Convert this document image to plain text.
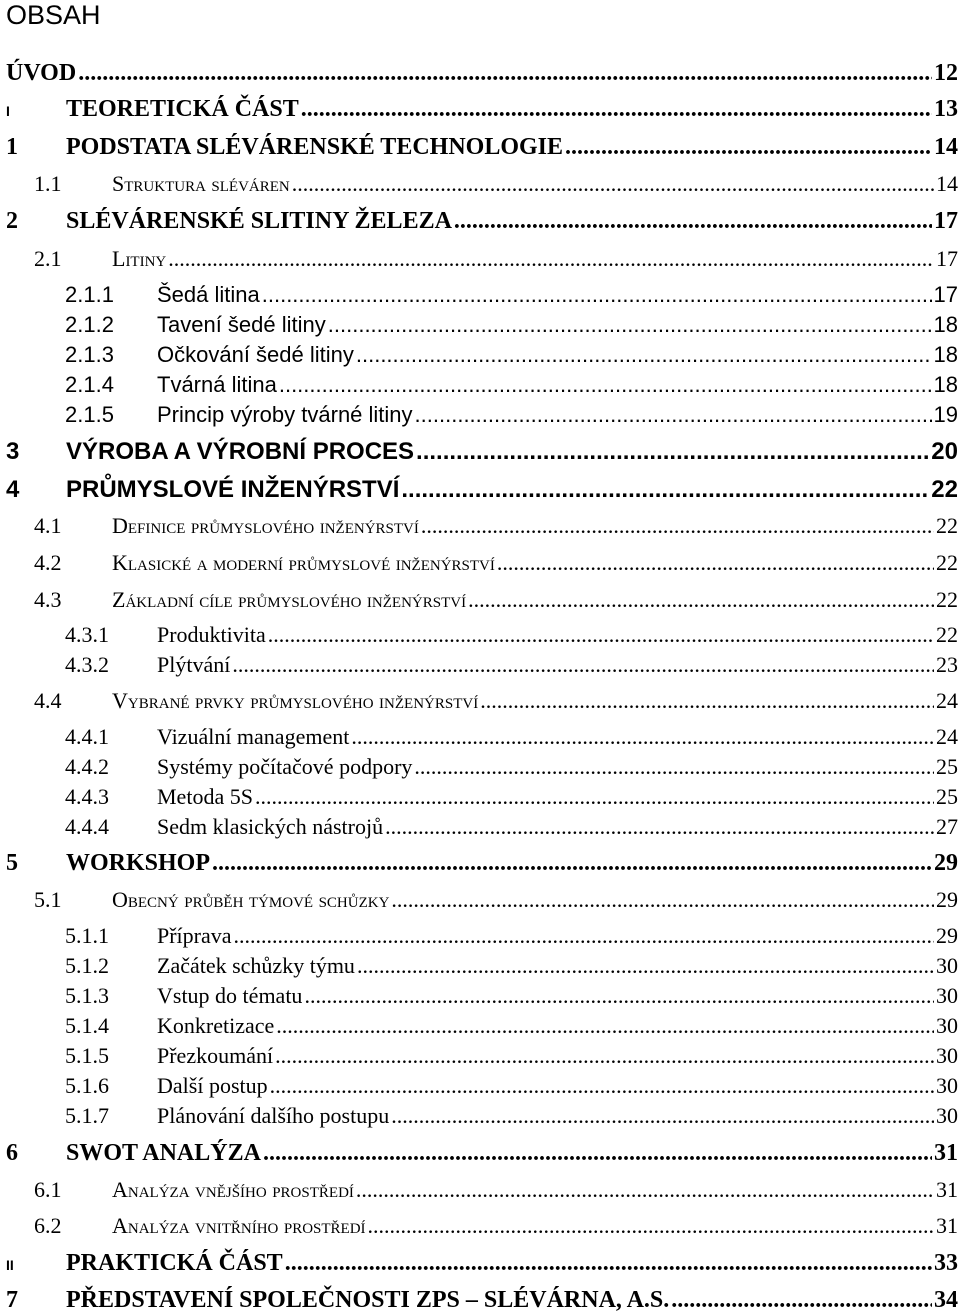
OBSAH
ÚVOD .....	12
I	TEORETICKÁ ČÁST .....	13
1	PODSTATA SLÉVÁRENSKÉ TECHNOLOGIE .....	14
1.1	Struktura sléváren .....	14
2	SLÉVÁRENSKÉ SLITINY ŽELEZA .....	17
2.1	Litiny .....	17
2.1.1	Šedá litina .....	17
2.1.2	Tavení šedé litiny .....	18
2.1.3	Očkování šedé litiny .....	18
2.1.4	Tvárná litina .....	18
2.1.5	Princip výroby tvárné litiny .....	19
3	VÝROBA A VÝROBNÍ PROCES .....	20
4	PRŮMYSLOVÉ INŽENÝRSTVÍ .....	22
4.1	Definice průmyslového inženýrství .....	22
4.2	Klasické a moderní průmyslové inženýrství .....	22
4.3	Základní cíle průmyslového inženýrství .....	22
4.3.1	Produktivita .....	22
4.3.2	Plýtvání .....	23
4.4	Vybrané prvky průmyslového inženýrství .....	24
4.4.1	Vizuální management .....	24
4.4.2	Systémy počítačové podpory .....	25
4.4.3	Metoda 5S .....	25
4.4.4	Sedm klasických nástrojů .....	27
5	WORKSHOP .....	29
5.1	Obecný průběh týmové schůzky .....	29
5.1.1	Příprava .....	29
5.1.2	Začátek schůzky týmu .....	30
5.1.3	Vstup do tématu .....	30
5.1.4	Konkretizace .....	30
5.1.5	Přezkoumání .....	30
5.1.6	Další postup .....	30
5.1.7	Plánování dalšího postupu .....	30
6	SWOT ANALÝZA .....	31
6.1	Analýza vnějšího prostředí .....	31
6.2	Analýza vnitřního prostředí .....	31
II	PRAKTICKÁ ČÁST .....	33
7	PŘEDSTAVENÍ SPOLEČNOSTI ZPS – SLÉVÁRNA, A.S. .....	34
